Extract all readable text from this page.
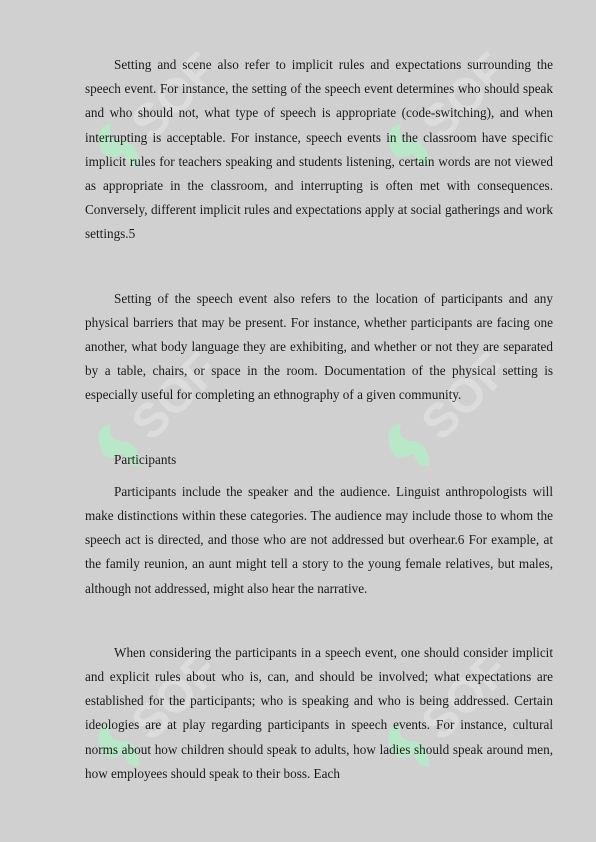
SOF	SOF
SOF	SOF
SOF	SOF

Setting and scene also refer to implicit rules and expectations surrounding the speech event. For instance, the setting of the speech event determines who should speak and who should not, what type of speech is appropriate (code-switching), and when interrupting is acceptable. For instance, speech events in the classroom have specific implicit rules for teachers speaking and students listening, certain words are not viewed as appropriate in the classroom, and interrupting is often met with consequences. Conversely, different implicit rules and expectations apply at social gatherings and work settings.5

Setting of the speech event also refers to the location of participants and any physical barriers that may be present. For instance, whether participants are facing one another, what body language they are exhibiting, and whether or not they are separated by a table, chairs, or space in the room. Documentation of the physical setting is especially useful for completing an ethnography of a given community.

Participants

Participants include the speaker and the audience. Linguist anthropologists will make distinctions within these categories. The audience may include those to whom the speech act is directed, and those who are not addressed but overhear.6 For example, at the family reunion, an aunt might tell a story to the young female relatives, but males, although not addressed, might also hear the narrative.

When considering the participants in a speech event, one should consider implicit and explicit rules about who is, can, and should be involved; what expectations are established for the participants; who is speaking and who is being addressed. Certain ideologies are at play regarding participants in speech events. For instance, cultural norms about how children should speak to adults, how ladies should speak around men, how employees should speak to their boss. Each
